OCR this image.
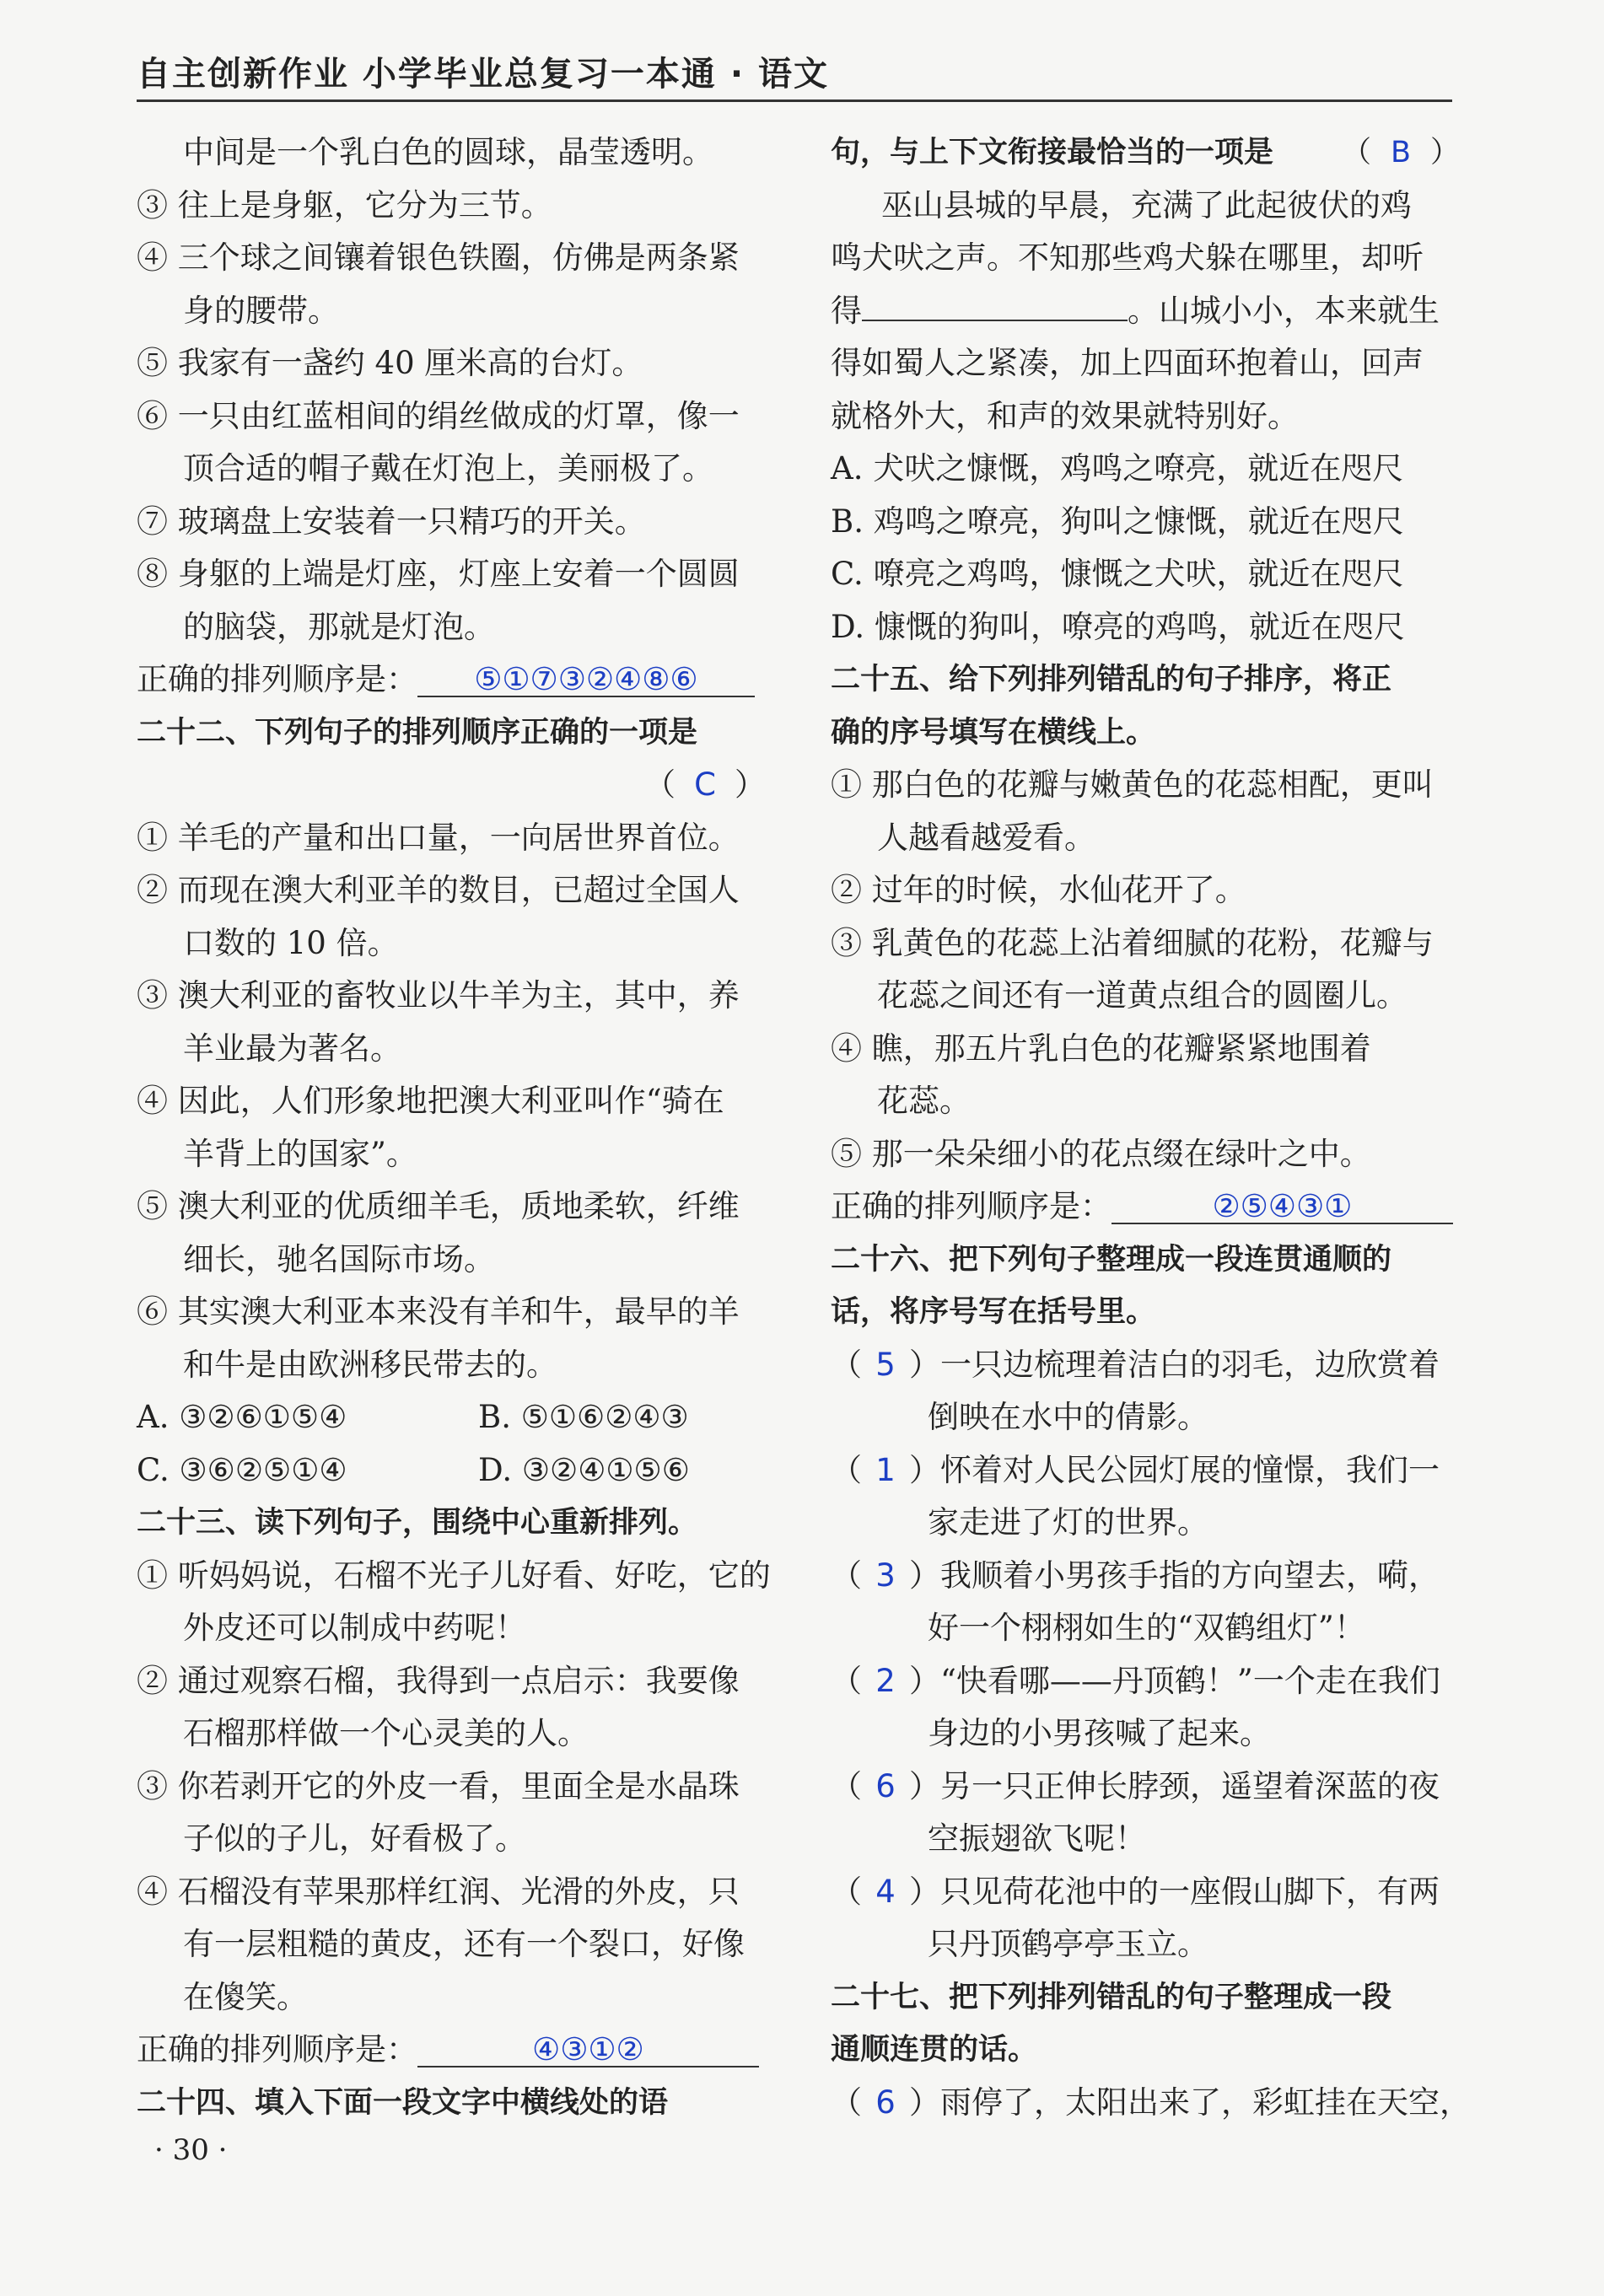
自主创新作业 小学毕业总复习一本通 · 语文
中间是一个乳白色的圆球，晶莹透明。
③ 往上是身躯，它分为三节。
④ 三个球之间镶着银色铁圈，仿佛是两条紧
身的腰带。
⑤ 我家有一盏约 40 厘米高的台灯。
⑥ 一只由红蓝相间的绢丝做成的灯罩，像一
顶合适的帽子戴在灯泡上，美丽极了。
⑦ 玻璃盘上安装着一只精巧的开关。
⑧ 身躯的上端是灯座，灯座上安着一个圆圆
的脑袋，那就是灯泡。
正确的排列顺序是： ⑤①⑦③②④⑧⑥
二十二、下列句子的排列顺序正确的一项是
（ C ）
① 羊毛的产量和出口量，一向居世界首位。
② 而现在澳大利亚羊的数目，已超过全国人
口数的 10 倍。
③ 澳大利亚的畜牧业以牛羊为主，其中，养
羊业最为著名。
④ 因此，人们形象地把澳大利亚叫作“骑在
羊背上的国家”。
⑤ 澳大利亚的优质细羊毛，质地柔软，纤维
细长，驰名国际市场。
⑥ 其实澳大利亚本来没有羊和牛，最早的羊
和牛是由欧洲移民带去的。
A. ③②⑥①⑤④	B. ⑤①⑥②④③
C. ③⑥②⑤①④	D. ③②④①⑤⑥
二十三、读下列句子，围绕中心重新排列。
① 听妈妈说，石榴不光子儿好看、好吃，它的
外皮还可以制成中药呢！
② 通过观察石榴，我得到一点启示：我要像
石榴那样做一个心灵美的人。
③ 你若剥开它的外皮一看，里面全是水晶珠
子似的子儿，好看极了。
④ 石榴没有苹果那样红润、光滑的外皮，只
有一层粗糙的黄皮，还有一个裂口，好像
在傻笑。
正确的排列顺序是：	④③①②
二十四、填入下面一段文字中横线处的语
句，与上下文衔接最恰当的一项是 （ B ）
巫山县城的早晨，充满了此起彼伏的鸡
鸣犬吠之声。不知那些鸡犬躲在哪里，却听
得	。山城小小，本来就生
得如蜀人之紧凑，加上四面环抱着山，回声
就格外大，和声的效果就特别好。
A. 犬吠之慷慨，鸡鸣之嘹亮，就近在咫尺
B. 鸡鸣之嘹亮，狗叫之慷慨，就近在咫尺
C. 嘹亮之鸡鸣，慷慨之犬吠，就近在咫尺
D. 慷慨的狗叫，嘹亮的鸡鸣，就近在咫尺
二十五、给下列排列错乱的句子排序，将正
确的序号填写在横线上。
① 那白色的花瓣与嫩黄色的花蕊相配，更叫
人越看越爱看。
② 过年的时候，水仙花开了。
③ 乳黄色的花蕊上沾着细腻的花粉，花瓣与
花蕊之间还有一道黄点组合的圆圈儿。
④ 瞧，那五片乳白色的花瓣紧紧地围着
花蕊。
⑤ 那一朵朵细小的花点缀在绿叶之中。
正确的排列顺序是：	②⑤④③①
二十六、把下列句子整理成一段连贯通顺的
话，将序号写在括号里。
（ 5 ）一只边梳理着洁白的羽毛，边欣赏着
倒映在水中的倩影。
（ 1 ）怀着对人民公园灯展的憧憬，我们一
家走进了灯的世界。
（ 3 ）我顺着小男孩手指的方向望去，嗬，
好一个栩栩如生的“双鹤组灯”！
（ 2 ）“快看哪——丹顶鹤！”一个走在我们
身边的小男孩喊了起来。
（ 6 ）另一只正伸长脖颈，遥望着深蓝的夜
空振翅欲飞呢！
（ 4 ）只见荷花池中的一座假山脚下，有两
只丹顶鹤亭亭玉立。
二十七、把下列排列错乱的句子整理成一段
通顺连贯的话。
（ 6 ）雨停了，太阳出来了，彩虹挂在天空，
· 30 ·
